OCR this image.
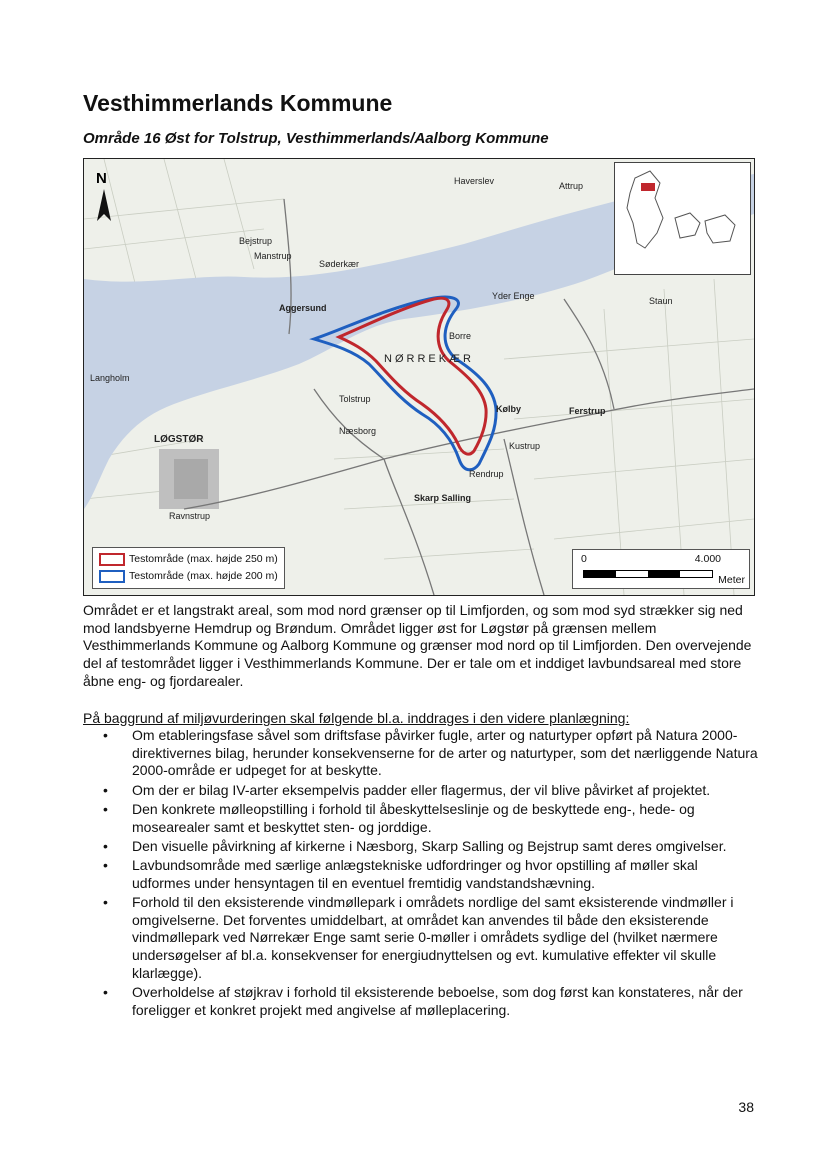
Vesthimmerlands Kommune
Område 16 Øst for Tolstrup, Vesthimmerlands/Aalborg Kommune
N
LØGSTØR
Aggersund
NØRREKÆR
Tolstrup
Kølby	Ferstrup
Næsborg
Skarp Salling
Bejstrup
Langholm
Manstrup
Søderkær
Ravnstrup
Haverslev	Attrup
Borre
Kustrup
Rendrup
Yder Enge	Staun
Testområde (max. højde 250 m)
Testområde (max. højde 200 m)
0	4.000
Meter

Området er et langstrakt areal, som mod nord grænser op til Limfjorden, og som mod syd strækker sig ned mod landsbyerne Hemdrup og Brøndum. Området ligger øst for Løgstør på grænsen mellem Vesthimmerlands Kommune og Aalborg Kommune og grænser mod nord op til Limfjorden. Den overvejende del af testområdet ligger i Vesthimmerlands Kommune. Der er tale om et inddiget lavbundsareal med store åbne eng- og fjordarealer.

På baggrund af miljøvurderingen skal følgende bl.a. inddrages i den videre planlægning:

• Om etableringsfase såvel som driftsfase påvirker fugle, arter og naturtyper opført på Natura 2000-direktivernes bilag, herunder konsekvenserne for de arter og naturtyper, som det nærliggende Natura 2000-område er udpeget for at beskytte.
• Om der er bilag IV-arter eksempelvis padder eller flagermus, der vil blive påvirket af projektet.
• Den konkrete mølleopstilling i forhold til åbeskyttelseslinje og de beskyttede eng-, hede- og mosearealer samt et beskyttet sten- og jorddige.
• Den visuelle påvirkning af kirkerne i Næsborg, Skarp Salling og Bejstrup samt deres omgivelser.
• Lavbundsområde med særlige anlægstekniske udfordringer og hvor opstilling af møller skal udformes under hensyntagen til en eventuel fremtidig vandstandshævning.
• Forhold til den eksisterende vindmøllepark i områdets nordlige del samt eksisterende vindmøller i omgivelserne. Det forventes umiddelbart, at området kan anvendes til både den eksisterende vindmøllepark ved Nørrekær Enge samt serie 0-møller i områdets sydlige del (hvilket nærmere undersøgelser af bl.a. konsekvenser for energiudnyttelsen og evt. kumulative effekter vil skulle klarlægge).
• Overholdelse af støjkrav i forhold til eksisterende beboelse, som dog først kan konstateres, når der foreligger et konkret projekt med angivelse af mølleplacering.
38
